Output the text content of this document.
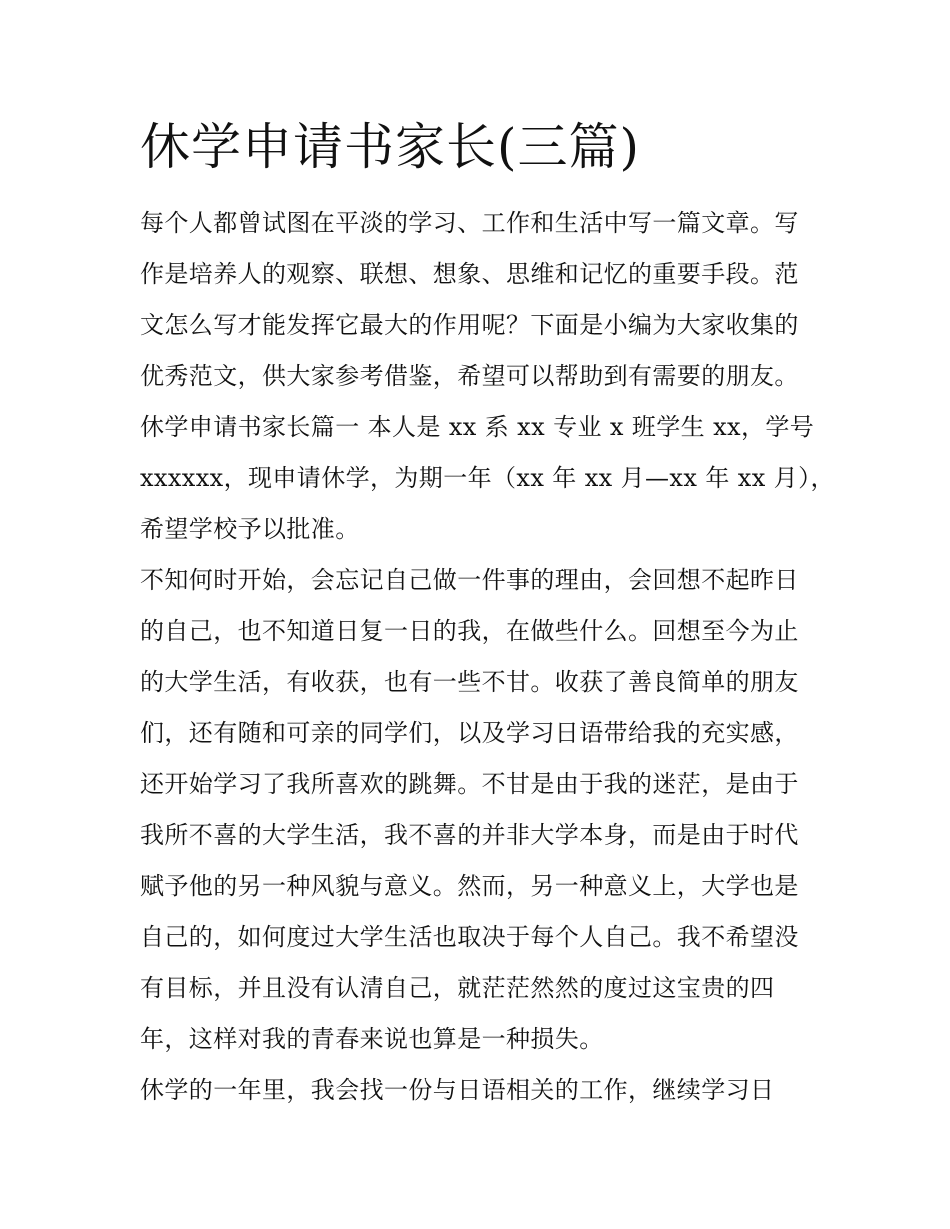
休学申请书家长(三篇)
每个人都曾试图在平淡的学习、工作和生活中写一篇文章。写
作是培养人的观察、联想、想象、思维和记忆的重要手段。范
文怎么写才能发挥它最大的作用呢？下面是小编为大家收集的
优秀范文，供大家参考借鉴，希望可以帮助到有需要的朋友。
休学申请书家长篇一 本人是 xx 系 xx 专业 x 班学生 xx，学号
xxxxxx，现申请休学，为期一年（xx 年 xx 月—xx 年 xx 月），
希望学校予以批准。
不知何时开始，会忘记自己做一件事的理由，会回想不起昨日
的自己，也不知道日复一日的我，在做些什么。回想至今为止
的大学生活，有收获，也有一些不甘。收获了善良简单的朋友
们，还有随和可亲的同学们，以及学习日语带给我的充实感，
还开始学习了我所喜欢的跳舞。不甘是由于我的迷茫，是由于
我所不喜的大学生活，我不喜的并非大学本身，而是由于时代
赋予他的另一种风貌与意义。然而，另一种意义上，大学也是
自己的，如何度过大学生活也取决于每个人自己。我不希望没
有目标，并且没有认清自己，就茫茫然然的度过这宝贵的四
年，这样对我的青春来说也算是一种损失。
休学的一年里，我会找一份与日语相关的工作，继续学习日
